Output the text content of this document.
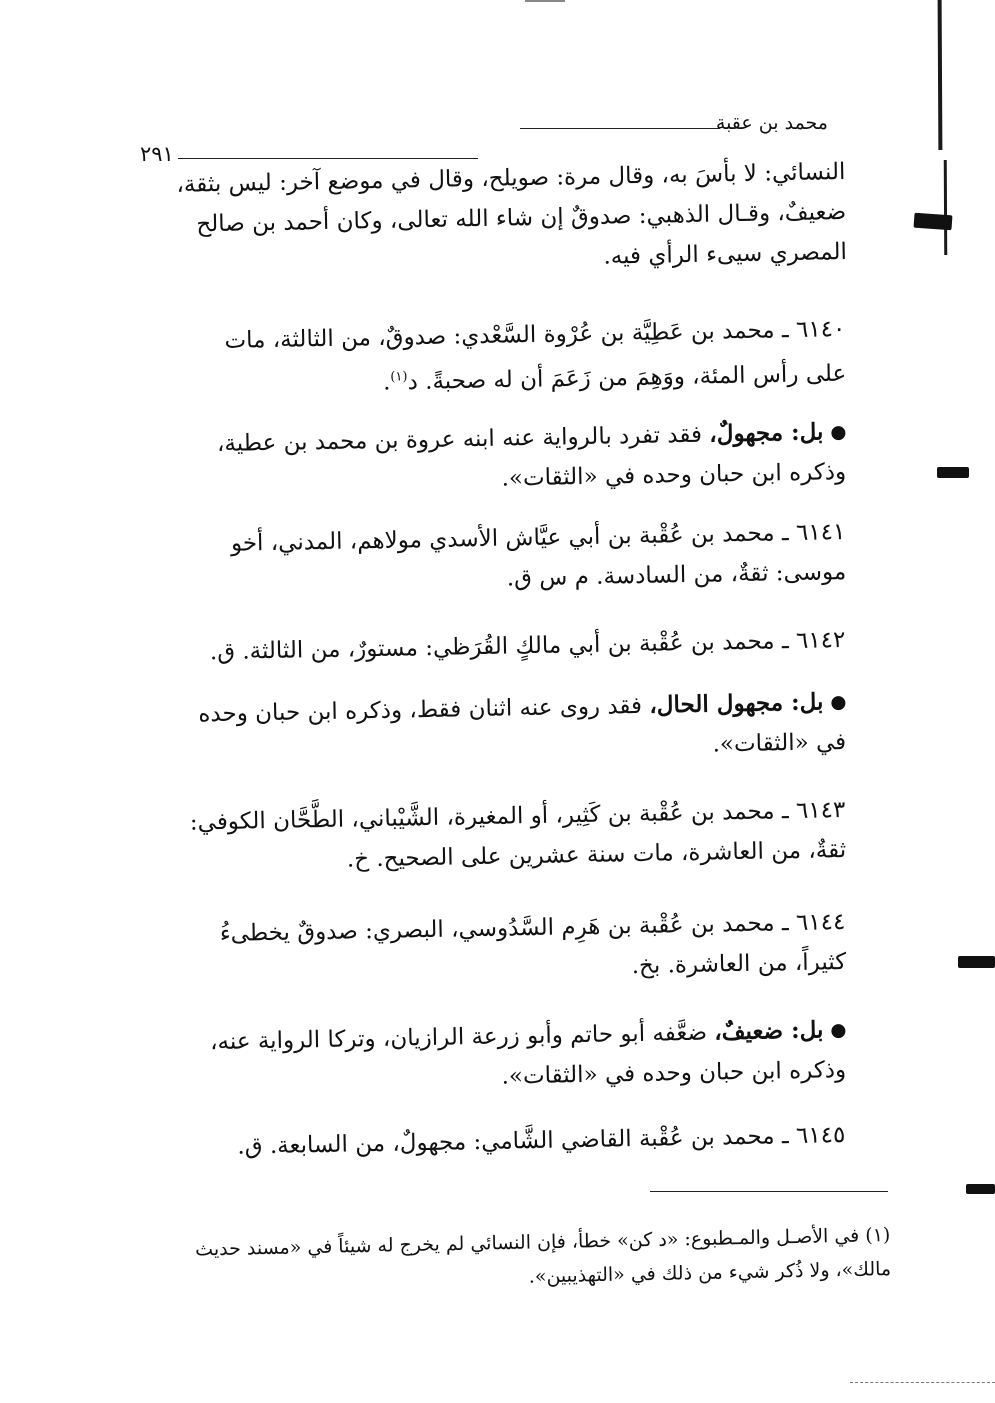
محمد بن عقبة
٢٩١
النسائي: لا بأسَ به، وقال مرة: صويلح، وقال في موضع آخر: ليس بثقة،
ضعيفٌ، وقـال الذهبي: صدوقٌ إن شاء الله تعالى، وكان أحمد بن صالح
المصري سيىء الرأي فيه.
٦١٤٠ ـ محمد بن عَطِيَّة بن عُرْوة السَّعْدي: صدوقٌ، من الثالثة، مات
على رأس المئة، ووَهِمَ من زَعَمَ أن له صحبةً. د$^{(١)}$.
بل: مجهولٌ، فقد تفرد بالرواية عنه ابنه عروة بن محمد بن عطية،
وذكره ابن حبان وحده في «الثقات».
٦١٤١ ـ محمد بن عُقْبة بن أبي عيَّاش الأسدي مولاهم، المدني، أخو
موسى: ثقةٌ، من السادسة. م س ق.
٦١٤٢ ـ محمد بن عُقْبة بن أبي مالكٍ القُرَظي: مستورٌ، من الثالثة. ق.
بل: مجهول الحال، فقد روى عنه اثنان فقط، وذكره ابن حبان وحده
في «الثقات».
٦١٤٣ ـ محمد بن عُقْبة بن كَثِير، أو المغيرة، الشَّيْباني، الطَّحَّان الكوفي:
ثقةٌ، من العاشرة، مات سنة عشرين على الصحيح. خ.
٦١٤٤ ـ محمد بن عُقْبة بن هَرِم السَّدُوسي، البصري: صدوقٌ يخطىءُ
كثيراً، من العاشرة. بخ.
بل: ضعيفٌ، ضعَّفه أبو حاتم وأبو زرعة الرازيان، وتركا الرواية عنه،
وذكره ابن حبان وحده في «الثقات».
٦١٤٥ ـ محمد بن عُقْبة القاضي الشَّامي: مجهولٌ، من السابعة. ق.
(١) في الأصـل والمـطبوع: «د كن» خطأ، فإن النسائي لم يخرج له شيئاً في «مسند حديث
مالك»، ولا ذُكر شيء من ذلك في «التهذيبين».
